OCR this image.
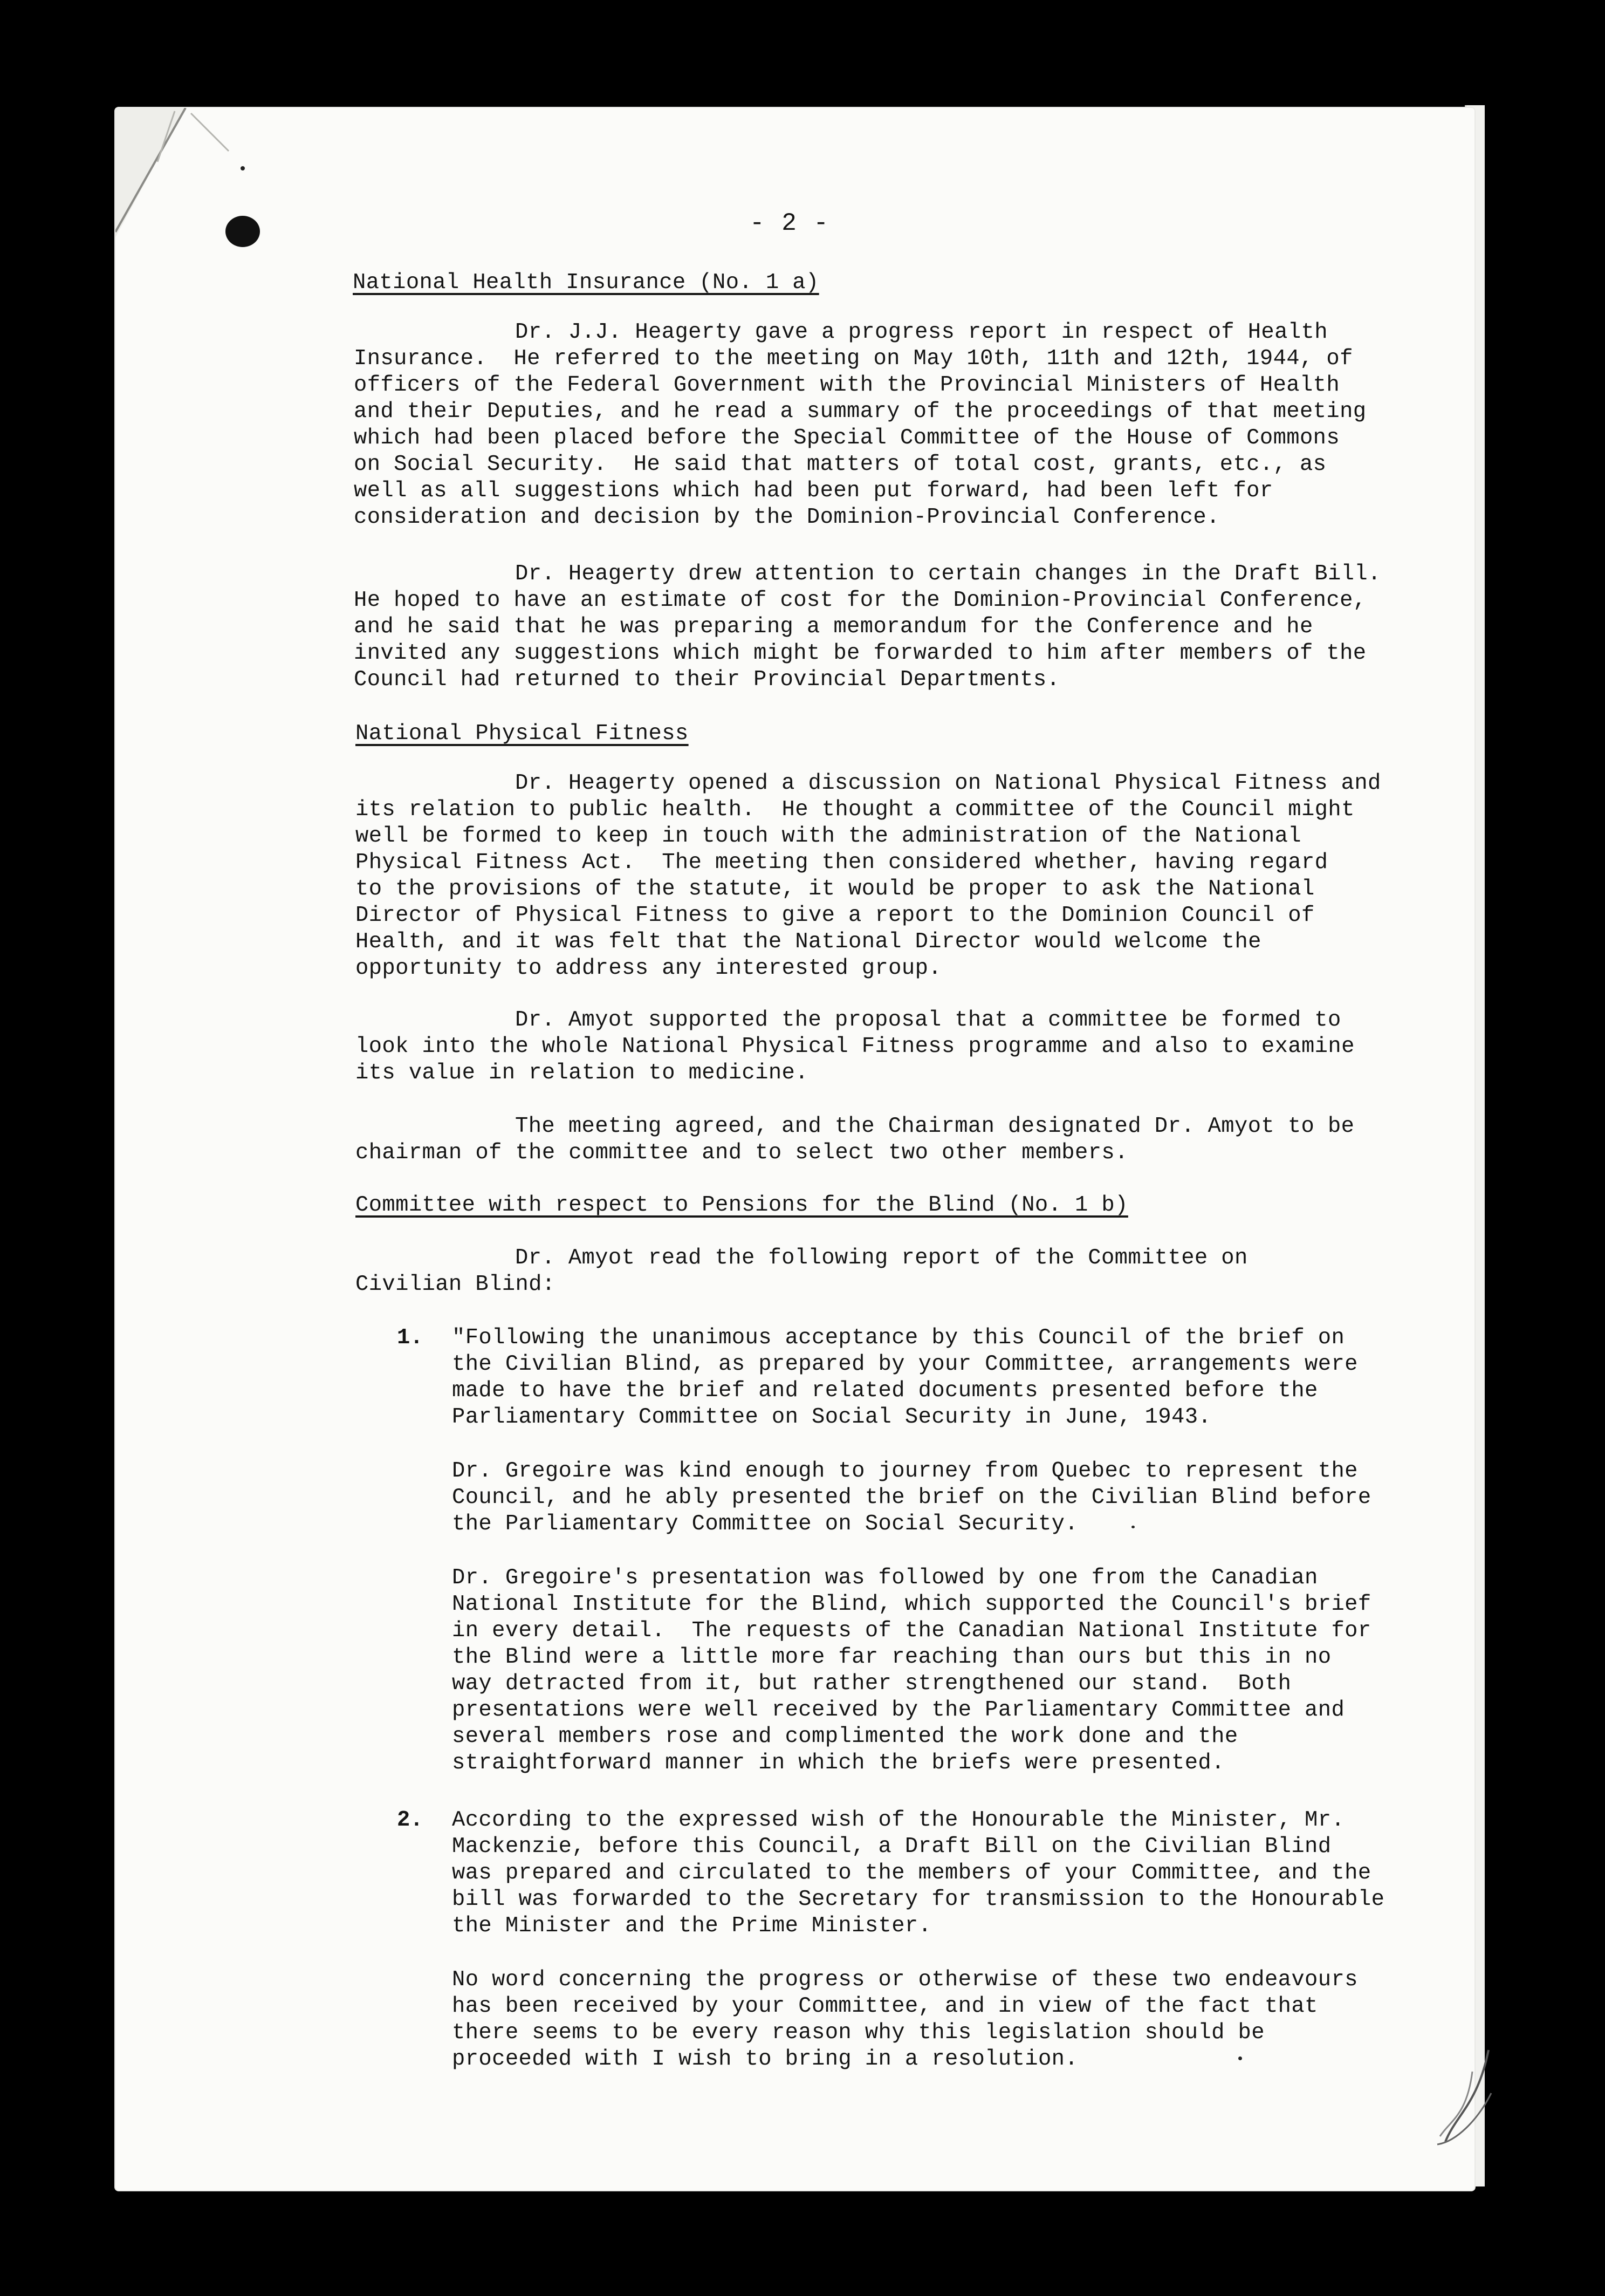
- 2 -
National Health Insurance (No. 1 a)
Dr. J.J. Heagerty gave a progress report in respect of Health
Insurance.  He referred to the meeting on May 10th, 11th and 12th, 1944, of
officers of the Federal Government with the Provincial Ministers of Health
and their Deputies, and he read a summary of the proceedings of that meeting
which had been placed before the Special Committee of the House of Commons
on Social Security.  He said that matters of total cost, grants, etc., as
well as all suggestions which had been put forward, had been left for
consideration and decision by the Dominion-Provincial Conference.
Dr. Heagerty drew attention to certain changes in the Draft Bill.
He hoped to have an estimate of cost for the Dominion-Provincial Conference,
and he said that he was preparing a memorandum for the Conference and he
invited any suggestions which might be forwarded to him after members of the
Council had returned to their Provincial Departments.
National Physical Fitness
Dr. Heagerty opened a discussion on National Physical Fitness and
its relation to public health.  He thought a committee of the Council might
well be formed to keep in touch with the administration of the National
Physical Fitness Act.  The meeting then considered whether, having regard
to the provisions of the statute, it would be proper to ask the National
Director of Physical Fitness to give a report to the Dominion Council of
Health, and it was felt that the National Director would welcome the
opportunity to address any interested group.
Dr. Amyot supported the proposal that a committee be formed to
look into the whole National Physical Fitness programme and also to examine
its value in relation to medicine.
The meeting agreed, and the Chairman designated Dr. Amyot to be
chairman of the committee and to select two other members.
Committee with respect to Pensions for the Blind (No. 1 b)
Dr. Amyot read the following report of the Committee on
Civilian Blind:
1. "Following the unanimous acceptance by this Council of the brief on
the Civilian Blind, as prepared by your Committee, arrangements were
made to have the brief and related documents presented before the
Parliamentary Committee on Social Security in June, 1943.
Dr. Gregoire was kind enough to journey from Quebec to represent the
Council, and he ably presented the brief on the Civilian Blind before
the Parliamentary Committee on Social Security.
Dr. Gregoire's presentation was followed by one from the Canadian
National Institute for the Blind, which supported the Council's brief
in every detail.  The requests of the Canadian National Institute for
the Blind were a little more far reaching than ours but this in no
way detracted from it, but rather strengthened our stand.  Both
presentations were well received by the Parliamentary Committee and
several members rose and complimented the work done and the
straightforward manner in which the briefs were presented.
2. According to the expressed wish of the Honourable the Minister, Mr.
Mackenzie, before this Council, a Draft Bill on the Civilian Blind
was prepared and circulated to the members of your Committee, and the
bill was forwarded to the Secretary for transmission to the Honourable
the Minister and the Prime Minister.
No word concerning the progress or otherwise of these two endeavours
has been received by your Committee, and in view of the fact that
there seems to be every reason why this legislation should be
proceeded with I wish to bring in a resolution.
